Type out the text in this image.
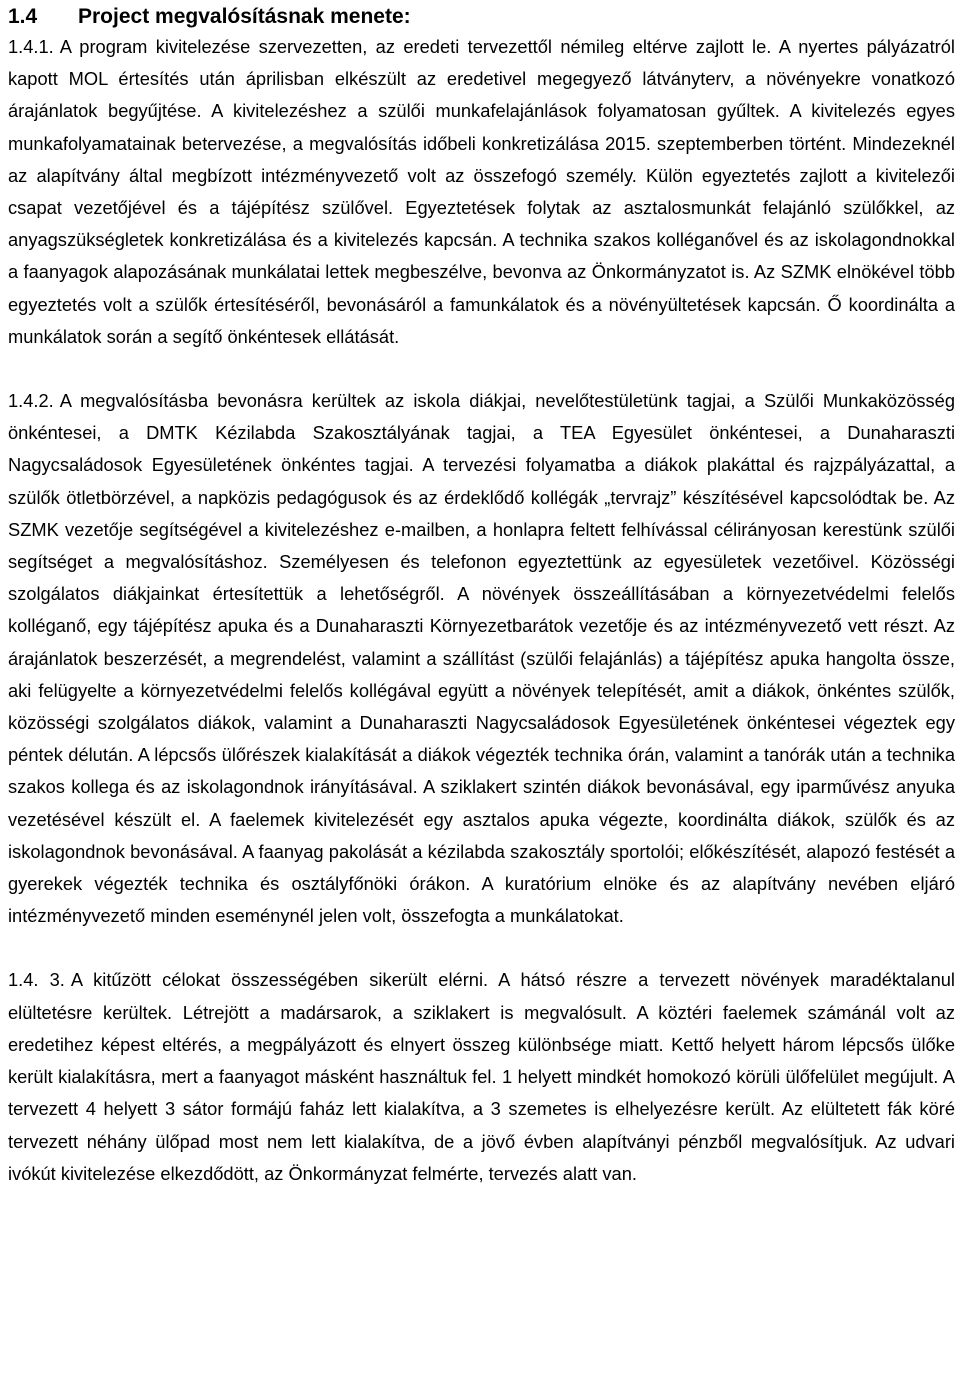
1.4 Project megvalósításnak menete:

1.4.1. A program kivitelezése szervezetten, az eredeti tervezettől némileg eltérve zajlott le. A nyertes pályázatról kapott MOL értesítés után áprilisban elkészült az eredetivel megegyező látványterv, a növényekre vonatkozó árajánlatok begyűjtése. A kivitelezéshez a szülői munkafelajánlások folyamatosan gyűltek. A kivitelezés egyes munkafolyamatainak betervezése, a megvalósítás időbeli konkretizálása 2015. szeptemberben történt. Mindezeknél az alapítvány által megbízott intézményvezető volt az összefogó személy. Külön egyeztetés zajlott a kivitelezői csapat vezetőjével és a tájépítész szülővel. Egyeztetések folytak az asztalosmunkát felajánló szülőkkel, az anyagszükségletek konkretizálása és a kivitelezés kapcsán. A technika szakos kolléganővel és az iskolagondnokkal a faanyagok alapozásának munkálatai lettek megbeszélve, bevonva az Önkormányzatot is. Az SZMK elnökével több egyeztetés volt a szülők értesítéséről, bevonásáról a famunkálatok és a növényültetések kapcsán. Ő koordinálta a munkálatok során a segítő önkéntesek ellátását.

1.4.2. A megvalósításba bevonásra kerültek az iskola diákjai, nevelőtestületünk tagjai, a Szülői Munkaközösség önkéntesei, a DMTK Kézilabda Szakosztályának tagjai, a TEA Egyesület önkéntesei, a Dunaharaszti Nagycsaládosok Egyesületének önkéntes tagjai. A tervezési folyamatba a diákok plakáttal és rajzpályázattal, a szülők ötletbörzével, a napközis pedagógusok és az érdeklődő kollégák „tervrajz” készítésével kapcsolódtak be. Az SZMK vezetője segítségével a kivitelezéshez e-mailben, a honlapra feltett felhívással célirányosan kerestünk szülői segítséget a megvalósításhoz. Személyesen és telefonon egyeztettünk az egyesületek vezetőivel. Közösségi szolgálatos diákjainkat értesítettük a lehetőségről. A növények összeállításában a környezetvédelmi felelős kolléganő, egy tájépítész apuka és a Dunaharaszti Környezetbarátok vezetője és az intézményvezető vett részt. Az árajánlatok beszerzését, a megrendelést, valamint a szállítást (szülői felajánlás) a tájépítész apuka hangolta össze, aki felügyelte a környezetvédelmi felelős kollégával együtt a növények telepítését, amit a diákok, önkéntes szülők, közösségi szolgálatos diákok, valamint a Dunaharaszti Nagycsaládosok Egyesületének önkéntesei végeztek egy péntek délután. A lépcsős ülőrészek kialakítását a diákok végezték technika órán, valamint a tanórák után a technika szakos kollega és az iskolagondnok irányításával. A sziklakert szintén diákok bevonásával, egy iparművész anyuka vezetésével készült el. A faelemek kivitelezését egy asztalos apuka végezte, koordinálta diákok, szülők és az iskolagondnok bevonásával. A faanyag pakolását a kézilabda szakosztály sportolói; előkészítését, alapozó festését a gyerekek végezték technika és osztályfőnöki órákon. A kuratórium elnöke és az alapítvány nevében eljáró intézményvezető minden eseménynél jelen volt, összefogta a munkálatokat.

1.4. 3. A kitűzött célokat összességében sikerült elérni. A hátsó részre a tervezett növények maradéktalanul elültetésre kerültek. Létrejött a madársarok, a sziklakert is megvalósult. A köztéri faelemek számánál volt az eredetihez képest eltérés, a megpályázott és elnyert összeg különbsége miatt. Kettő helyett három lépcsős ülőke került kialakításra, mert a faanyagot másként használtuk fel. 1 helyett mindkét homokozó körüli ülőfelület megújult. A tervezett 4 helyett 3 sátor formájú faház lett kialakítva, a 3 szemetes is elhelyezésre került. Az elültetett fák köré tervezett néhány ülőpad most nem lett kialakítva, de a jövő évben alapítványi pénzből megvalósítjuk. Az udvari ivókút kivitelezése elkezdődött, az Önkormányzat felmérte, tervezés alatt van.
